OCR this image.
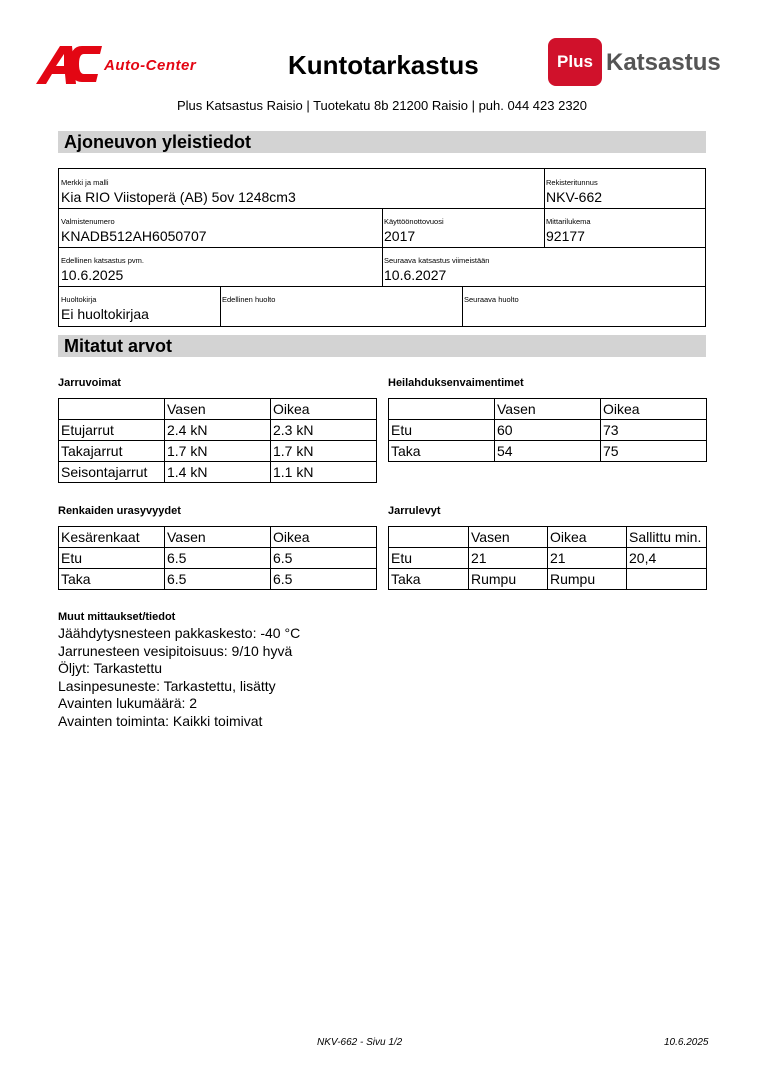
Auto-Center	Kuntotarkastus	Plus Katsastus
Plus Katsastus Raisio | Tuotekatu 8b 21200 Raisio | puh. 044 423 2320
Ajoneuvon yleistiedot
Merkki ja malli
Kia RIO Viistoperä (AB) 5ov 1248cm3
Rekisteritunnus
NKV-662
Valmistenumero
KNADB512AH6050707
Käyttöönottovuosi
2017
Mittarilukema
92177
Edellinen katsastus pvm.
10.6.2025
Seuraava katsastus viimeistään
10.6.2027
Huoltokirja
Ei huoltokirjaa
Edellinen huolto	Seuraava huolto
Mitatut arvot
Jarruvoimat
	Vasen	Oikea
Etujarrut	2.4 kN	2.3 kN
Takajarrut	1.7 kN	1.7 kN
Seisontajarrut	1.4 kN	1.1 kN
Heilahduksenvaimentimet
	Vasen	Oikea
Etu	60	73
Taka	54	75
Renkaiden urasyvyydet
Kesärenkaat	Vasen	Oikea
Etu	6.5	6.5
Taka	6.5	6.5
Jarrulevyt
	Vasen	Oikea	Sallittu min.
Etu	21	21	20,4
Taka	Rumpu	Rumpu	
Muut mittaukset/tiedot
Jäähdytysnesteen pakkaskesto: -40 °C
Jarrunesteen vesipitoisuus: 9/10 hyvä
Öljyt: Tarkastettu
Lasinpesuneste: Tarkastettu, lisätty
Avainten lukumäärä: 2
Avainten toiminta: Kaikki toimivat
NKV-662 - Sivu 1/2	10.6.2025
